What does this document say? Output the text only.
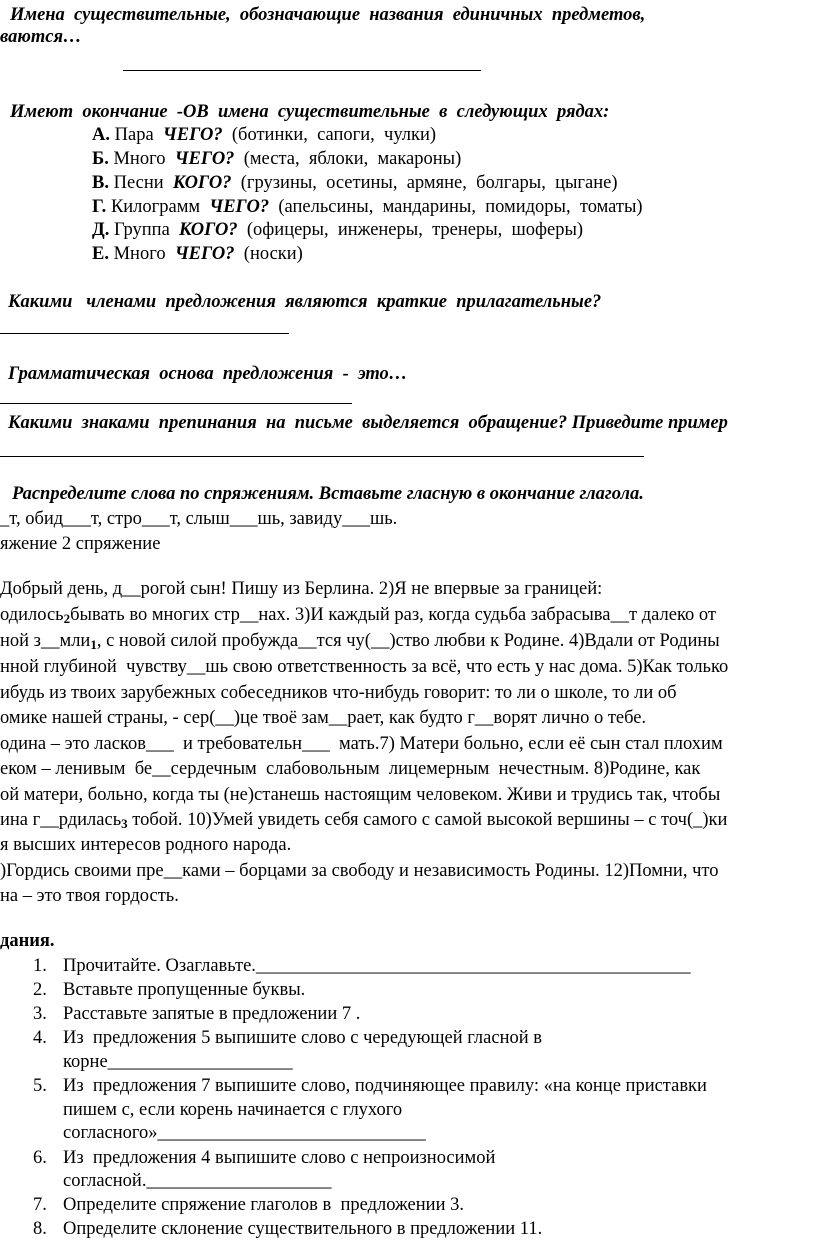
Имена  существительные,  обозначающие  названия  единичных  предметов,
ваются…
Имеют  окончание  -ОВ  имена  существительные  в  следующих  рядах:
А. Пара ЧЕГО? (ботинки,  сапоги,  чулки)
Б. Много ЧЕГО? (места,  яблоки,  макароны)
В. Песни КОГО? (грузины,  осетины,  армяне,  болгары,  цыгане)
Г. Килограмм ЧЕГО? (апельсины,  мандарины,  помидоры,  томаты)
Д. Группа КОГО? (офицеры,  инженеры,  тренеры,  шоферы)
Е. Много ЧЕГО? (носки)
Какими   членами  предложения  являются  краткие  прилагательные?
Грамматическая  основа  предложения  -  это…
Какими  знаками  препинания  на  письме  выделяется  обращение? Приведите пример
Распределите слова по спряжениям. Вставьте гласную в окончание глагола.
_т, обид___т, стро___т, слыш___шь, завиду___шь.
яжение 2 спряжение
Добрый день, д__рогой сын! Пишу из Берлина. 2)Я не впервые за границей:
одилось$_2$бывать во многих стр__нах. 3)И каждый раз, когда судьба забрасыва__т далеко от
ной з__мли$_1$, с новой силой пробужда__тся чу(__)ство любви к Родине. 4)Вдали от Родины
нной глубиной  чувству__шь свою ответственность за всё, что есть у нас дома. 5)Как только
ибудь из твоих зарубежных собеседников что-нибудь говорит: то ли о школе, то ли об
омике нашей страны, - сер(__)це твоё зам__рает, как будто г__ворят лично о тебе.
одина – это ласков___  и требовательн___  мать.7) Матери больно, если её сын стал плохим
еком – ленивым  бе__сердечным  слабовольным  лицемерным  нечестным. 8)Родине, как
ой матери, больно, когда ты (не)станешь настоящим человеком. Живи и трудись так, чтобы
ина г__рдилась$_3$ тобой. 10)Умей увидеть себя самого с самой высокой вершины – с точ(_)ки
я высших интересов родного народа.
)Гордись своими пре__ками – борцами за свободу и независимость Родины. 12)Помни, что
на – это твоя гордость.
дания.
1. Прочитайте. Озаглавьте._______________________________________________
2. Вставьте пропущенные буквы.
3. Расставьте запятые в предложении 7 .
4. Из  предложения 5 выпишите слово с чередующей гласной в
корне____________________
5. Из  предложения 7 выпишите слово, подчиняющее правилу: «на конце приставки
пишем с, если корень начинается с глухого
согласного»_____________________________
6. Из  предложения 4 выпишите слово с непроизносимой
согласной.____________________
7. Определите спряжение глаголов в  предложении 3.
8. Определите склонение существительного в предложении 11.
